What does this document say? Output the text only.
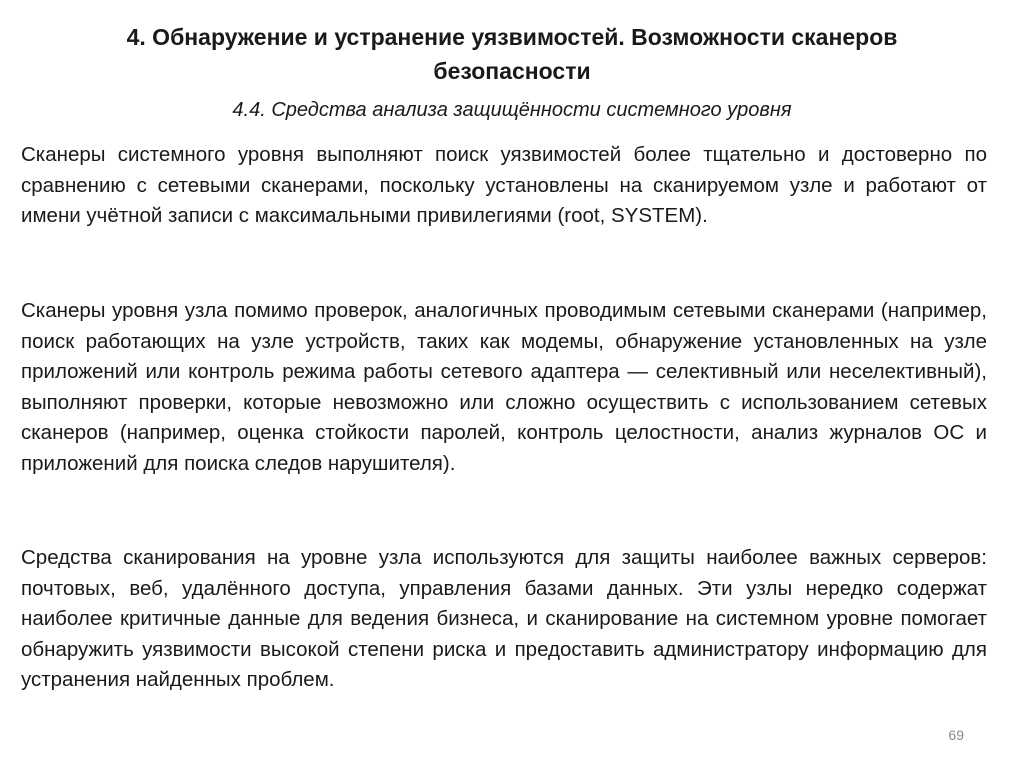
4. Обнаружение и устранение уязвимостей. Возможности сканеров безопасности
4.4. Средства анализа защищённости системного уровня

Сканеры системного уровня выполняют поиск уязвимостей более тщательно и достоверно по сравнению с сетевыми сканерами, поскольку установлены на сканируемом узле и работают от имени учётной записи с максимальными привилегиями (root, SYSTEM).

Сканеры уровня узла помимо проверок, аналогичных проводимым сетевыми сканерами (например, поиск работающих на узле устройств, таких как модемы, обнаружение установленных на узле приложений или контроль режима работы сетевого адаптера — селективный или неселективный), выполняют проверки, которые невозможно или сложно осуществить с использованием сетевых сканеров (например, оценка стойкости паролей, контроль целостности, анализ журналов ОС и приложений для поиска следов нарушителя).

Средства сканирования на уровне узла используются для защиты наиболее важных серверов: почтовых, веб, удалённого доступа, управления базами данных. Эти узлы нередко содержат наиболее критичные данные для ведения бизнеса, и сканирование на системном уровне помогает обнаружить уязвимости высокой степени риска и предоставить администратору информацию для устранения найденных проблем.

69
